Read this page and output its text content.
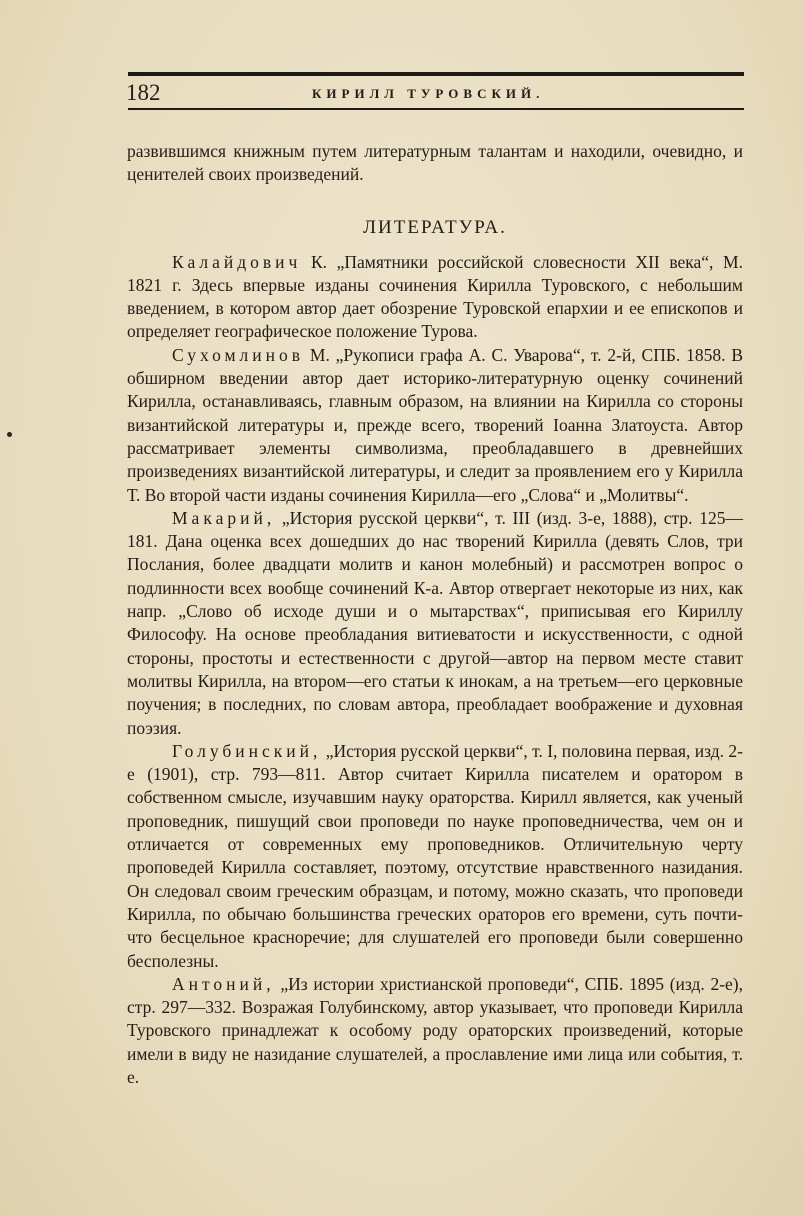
182	КИРИЛЛ ТУРОВСКИЙ.

развившимся книжным путем литературным талантам и находили, очевидно, и ценителей своих произведений.

ЛИТЕРАТУРА.

Калайдович К. „Памятники российской словесности XII века“, М. 1821 г. Здесь впервые изданы сочинения Кирилла Туровского, с небольшим введением, в котором автор дает обозрение Туровской епархии и ее епископов и определяет географическое положение Турова.

Сухомлинов М. „Рукописи графа А. С. Уварова“, т. 2-й, СПБ. 1858. В обширном введении автор дает историко-литературную оценку сочинений Кирилла, останавливаясь, главным образом, на влиянии на Кирилла со стороны византийской литературы и, прежде всего, творений Іоанна Златоуста. Автор рассматривает элементы символизма, преобладавшего в древнейших произведениях византийской литературы, и следит за проявлением его у Кирилла Т. Во второй части изданы сочинения Кирилла—его „Слова“ и „Молитвы“.

Макарий, „История русской церкви“, т. III (изд. 3-е, 1888), стр. 125—181. Дана оценка всех дошедших до нас творений Кирилла (девять Слов, три Послания, более двадцати молитв и канон молебный) и рассмотрен вопрос о подлинности всех вообще сочинений К-а. Автор отвергает некоторые из них, как напр. „Слово об исходе души и о мытарствах“, приписывая его Кириллу Философу. На основе преобладания витиеватости и искусственности, с одной стороны, простоты и естественности с другой—автор на первом месте ставит молитвы Кирилла, на втором—его статьи к инокам, а на третьем—его церковные поучения; в последних, по словам автора, преобладает воображение и духовная поэзия.

Голубинский, „История русской церкви“, т. I, половина первая, изд. 2-е (1901), стр. 793—811. Автор считает Кирилла писателем и оратором в собственном смысле, изучавшим науку ораторства. Кирилл является, как ученый проповедник, пишущий свои проповеди по науке проповедничества, чем он и отличается от современных ему проповедников. Отличительную черту проповедей Кирилла составляет, поэтому, отсутствие нравственного назидания. Он следовал своим греческим образцам, и потому, можно сказать, что проповеди Кирилла, по обычаю большинства греческих ораторов его времени, суть почти-что бесцельное красноречие; для слушателей его проповеди были совершенно бесполезны.

Антоний, „Из истории христианской проповеди“, СПБ. 1895 (изд. 2-е), стр. 297—332. Возражая Голубинскому, автор указывает, что проповеди Кирилла Туровского принадлежат к особому роду ораторских произведений, которые имели в виду не назидание слушателей, а прославление ими лица или события, т. е.
